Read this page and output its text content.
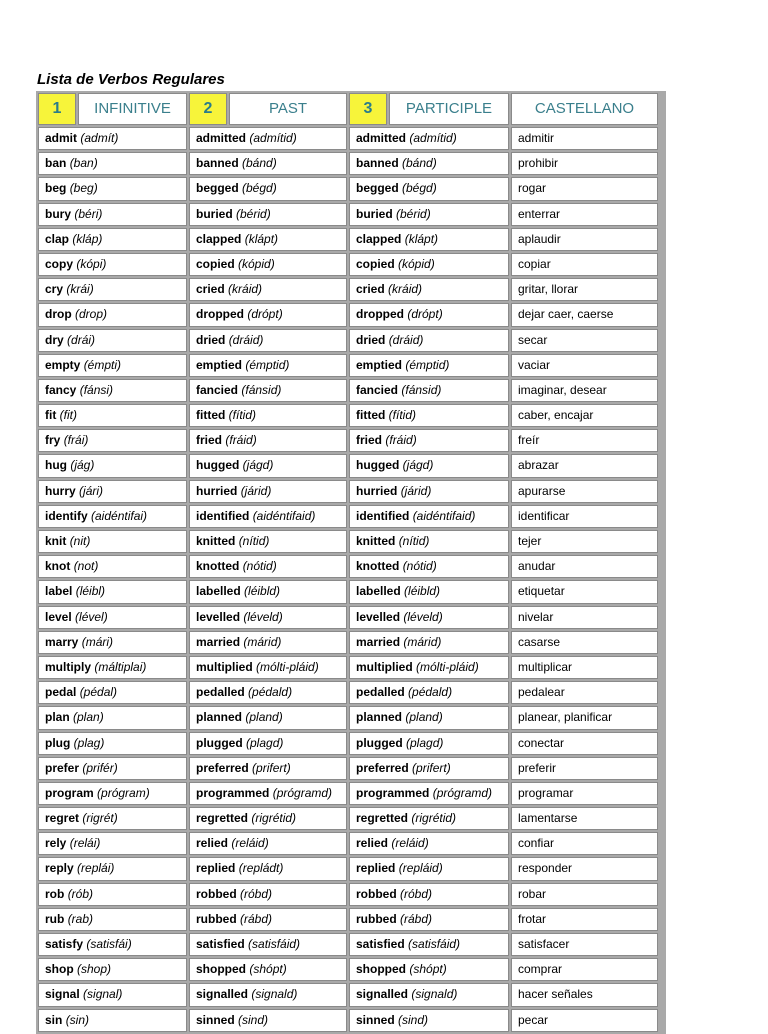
Lista de Verbos Regulares
1	INFINITIVE	2	PAST	3	PARTICIPLE	CASTELLANO
admit (admít)	admitted (admítid)	admitted (admítid)	admitir
ban (ban)	banned (bánd)	banned (bánd)	prohibir
beg (beg)	begged (bégd)	begged (bégd)	rogar
bury (béri)	buried (bérid)	buried (bérid)	enterrar
clap (kláp)	clapped (klápt)	clapped (klápt)	aplaudir
copy (kópi)	copied (kópid)	copied (kópid)	copiar
cry (krái)	cried (kráid)	cried (kráid)	gritar, llorar
drop (drop)	dropped (drópt)	dropped (drópt)	dejar caer, caerse
dry (drái)	dried (dráid)	dried (dráid)	secar
empty (émpti)	emptied (émptid)	emptied (émptid)	vaciar
fancy (fánsi)	fancied (fánsid)	fancied (fánsid)	imaginar, desear
fit (fit)	fitted (fítid)	fitted (fítid)	caber, encajar
fry (frái)	fried (fráid)	fried (fráid)	freír
hug (jág)	hugged (jágd)	hugged (jágd)	abrazar
hurry (jári)	hurried (járid)	hurried (járid)	apurarse
identify (aidéntifai)	identified (aidéntifaid)	identified (aidéntifaid)	identificar
knit (nit)	knitted (nítid)	knitted (nítid)	tejer
knot (not)	knotted (nótid)	knotted (nótid)	anudar
label (léibl)	labelled (léibld)	labelled (léibld)	etiquetar
level (lével)	levelled (léveld)	levelled (léveld)	nivelar
marry (mári)	married (márid)	married (márid)	casarse
multiply (máltiplai)	multiplied (mólti-pláid)	multiplied (mólti-pláid)	multiplicar
pedal (pédal)	pedalled (pédald)	pedalled (pédald)	pedalear
plan (plan)	planned (pland)	planned (pland)	planear, planificar
plug (plag)	plugged (plagd)	plugged (plagd)	conectar
prefer (prifér)	preferred (prifert)	preferred (prifert)	preferir
program (prógram)	programmed (prógramd)	programmed (prógramd)	programar
regret (rigrét)	regretted (rigrétid)	regretted (rigrétid)	lamentarse
rely (relái)	relied (reláid)	relied (reláid)	confiar
reply (replái)	replied (repládt)	replied (repláid)	responder
rob (rób)	robbed (róbd)	robbed (róbd)	robar
rub (rab)	rubbed (rábd)	rubbed (rábd)	frotar
satisfy (satisfái)	satisfied (satisfáid)	satisfied (satisfáid)	satisfacer
shop (shop)	shopped (shópt)	shopped (shópt)	comprar
signal (signal)	signalled (signald)	signalled (signald)	hacer señales
sin (sin)	sinned (sind)	sinned (sind)	pecar
